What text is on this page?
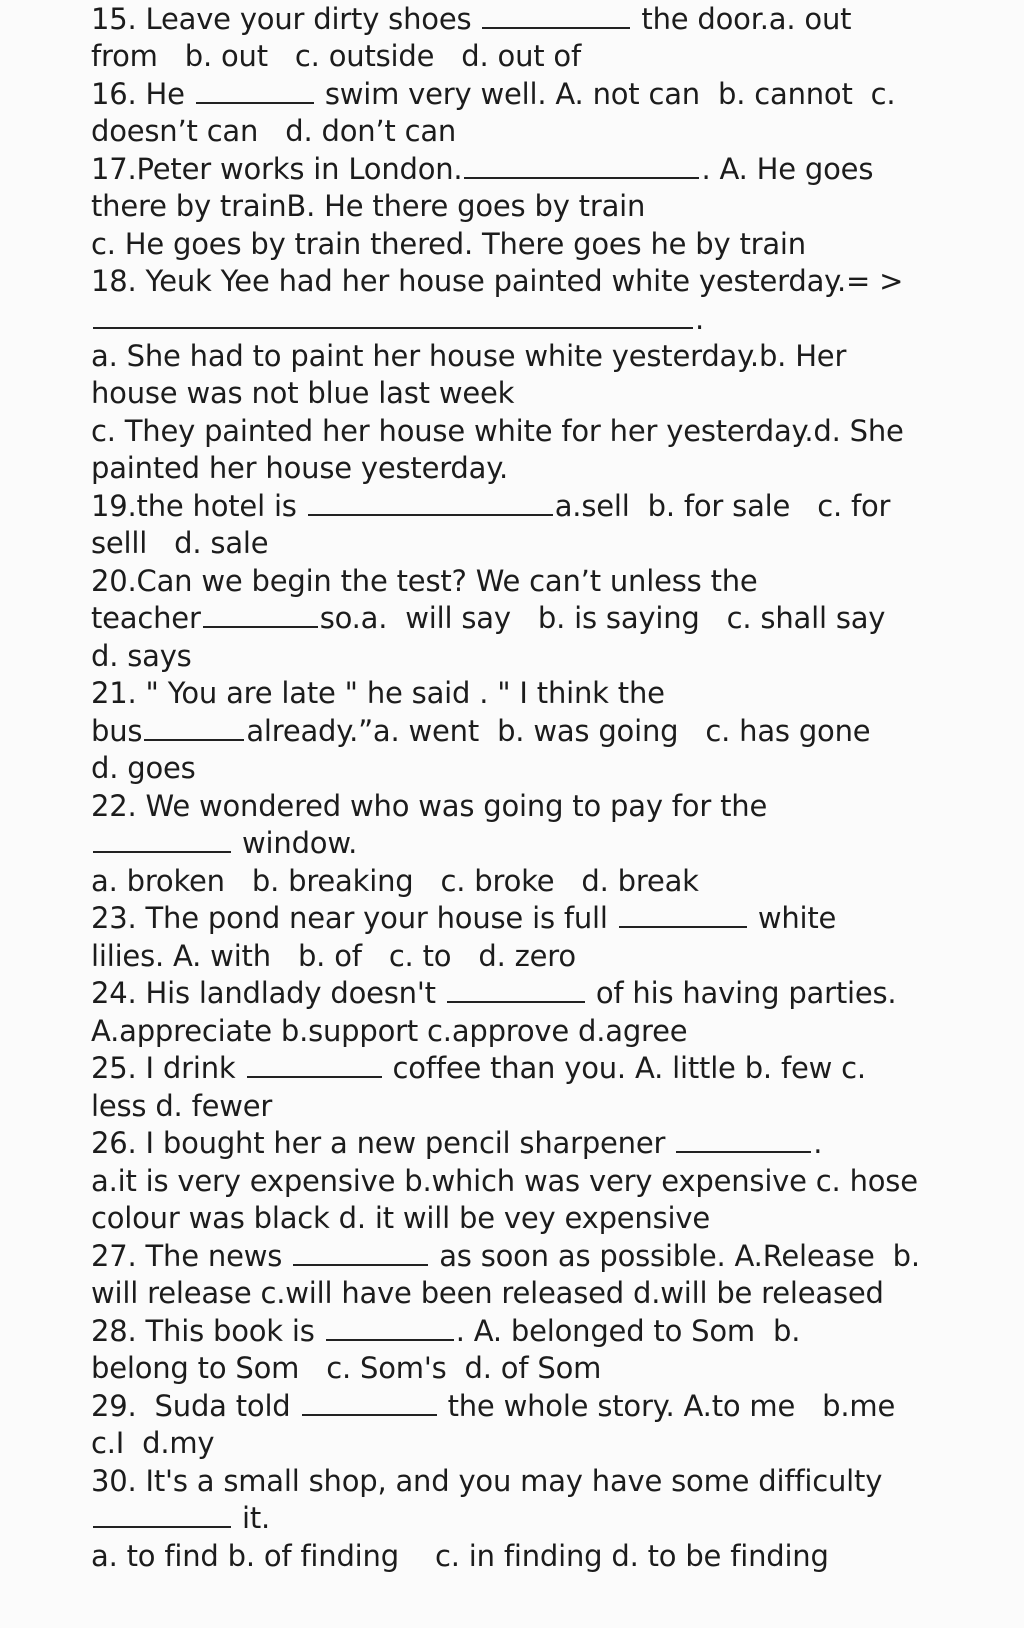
15. Leave your dirty shoes	the door.a. out
from   b. out   c. outside   d. out of
16. He	swim very well. A. not can  b. cannot  c.
doesn’t can   d. don’t can
17.Peter works in London.	. A. He goes
there by trainB. He there goes by train
c. He goes by train thered. There goes he by train
18. Yeuk Yee had her house painted white yesterday.= >
.
a. She had to paint her house white yesterday.b. Her
house was not blue last week
c. They painted her house white for her yesterday.d. She
painted her house yesterday.
19.the hotel is	a.sell  b. for sale   c. for
selll   d. sale
20.Can we begin the test? We can’t unless the
teacher	so.a.  will say   b. is saying   c. shall say
d. says
21. " You are late " he said . " I think the
bus	already.”a. went  b. was going   c. has gone
d. goes
22. We wondered who was going to pay for the
window.
a. broken   b. breaking   c. broke   d. break
23. The pond near your house is full	white
lilies. A. with   b. of   c. to   d. zero
24. His landlady doesn't	of his having parties.
A.appreciate b.support c.approve d.agree
25. I drink	coffee than you. A. little b. few c.
less d. fewer
26. I bought her a new pencil sharpener	.
a.it is very expensive b.which was very expensive c. hose
colour was black d. it will be vey expensive
27. The news	as soon as possible. A.Release  b.
will release c.will have been released d.will be released
28. This book is	. A. belonged to Som  b.
belong to Som   c. Som's  d. of Som
29.  Suda told	the whole story. A.to me   b.me
c.I  d.my
30. It's a small shop, and you may have some difficulty
it.
a. to find b. of finding    c. in finding d. to be finding
